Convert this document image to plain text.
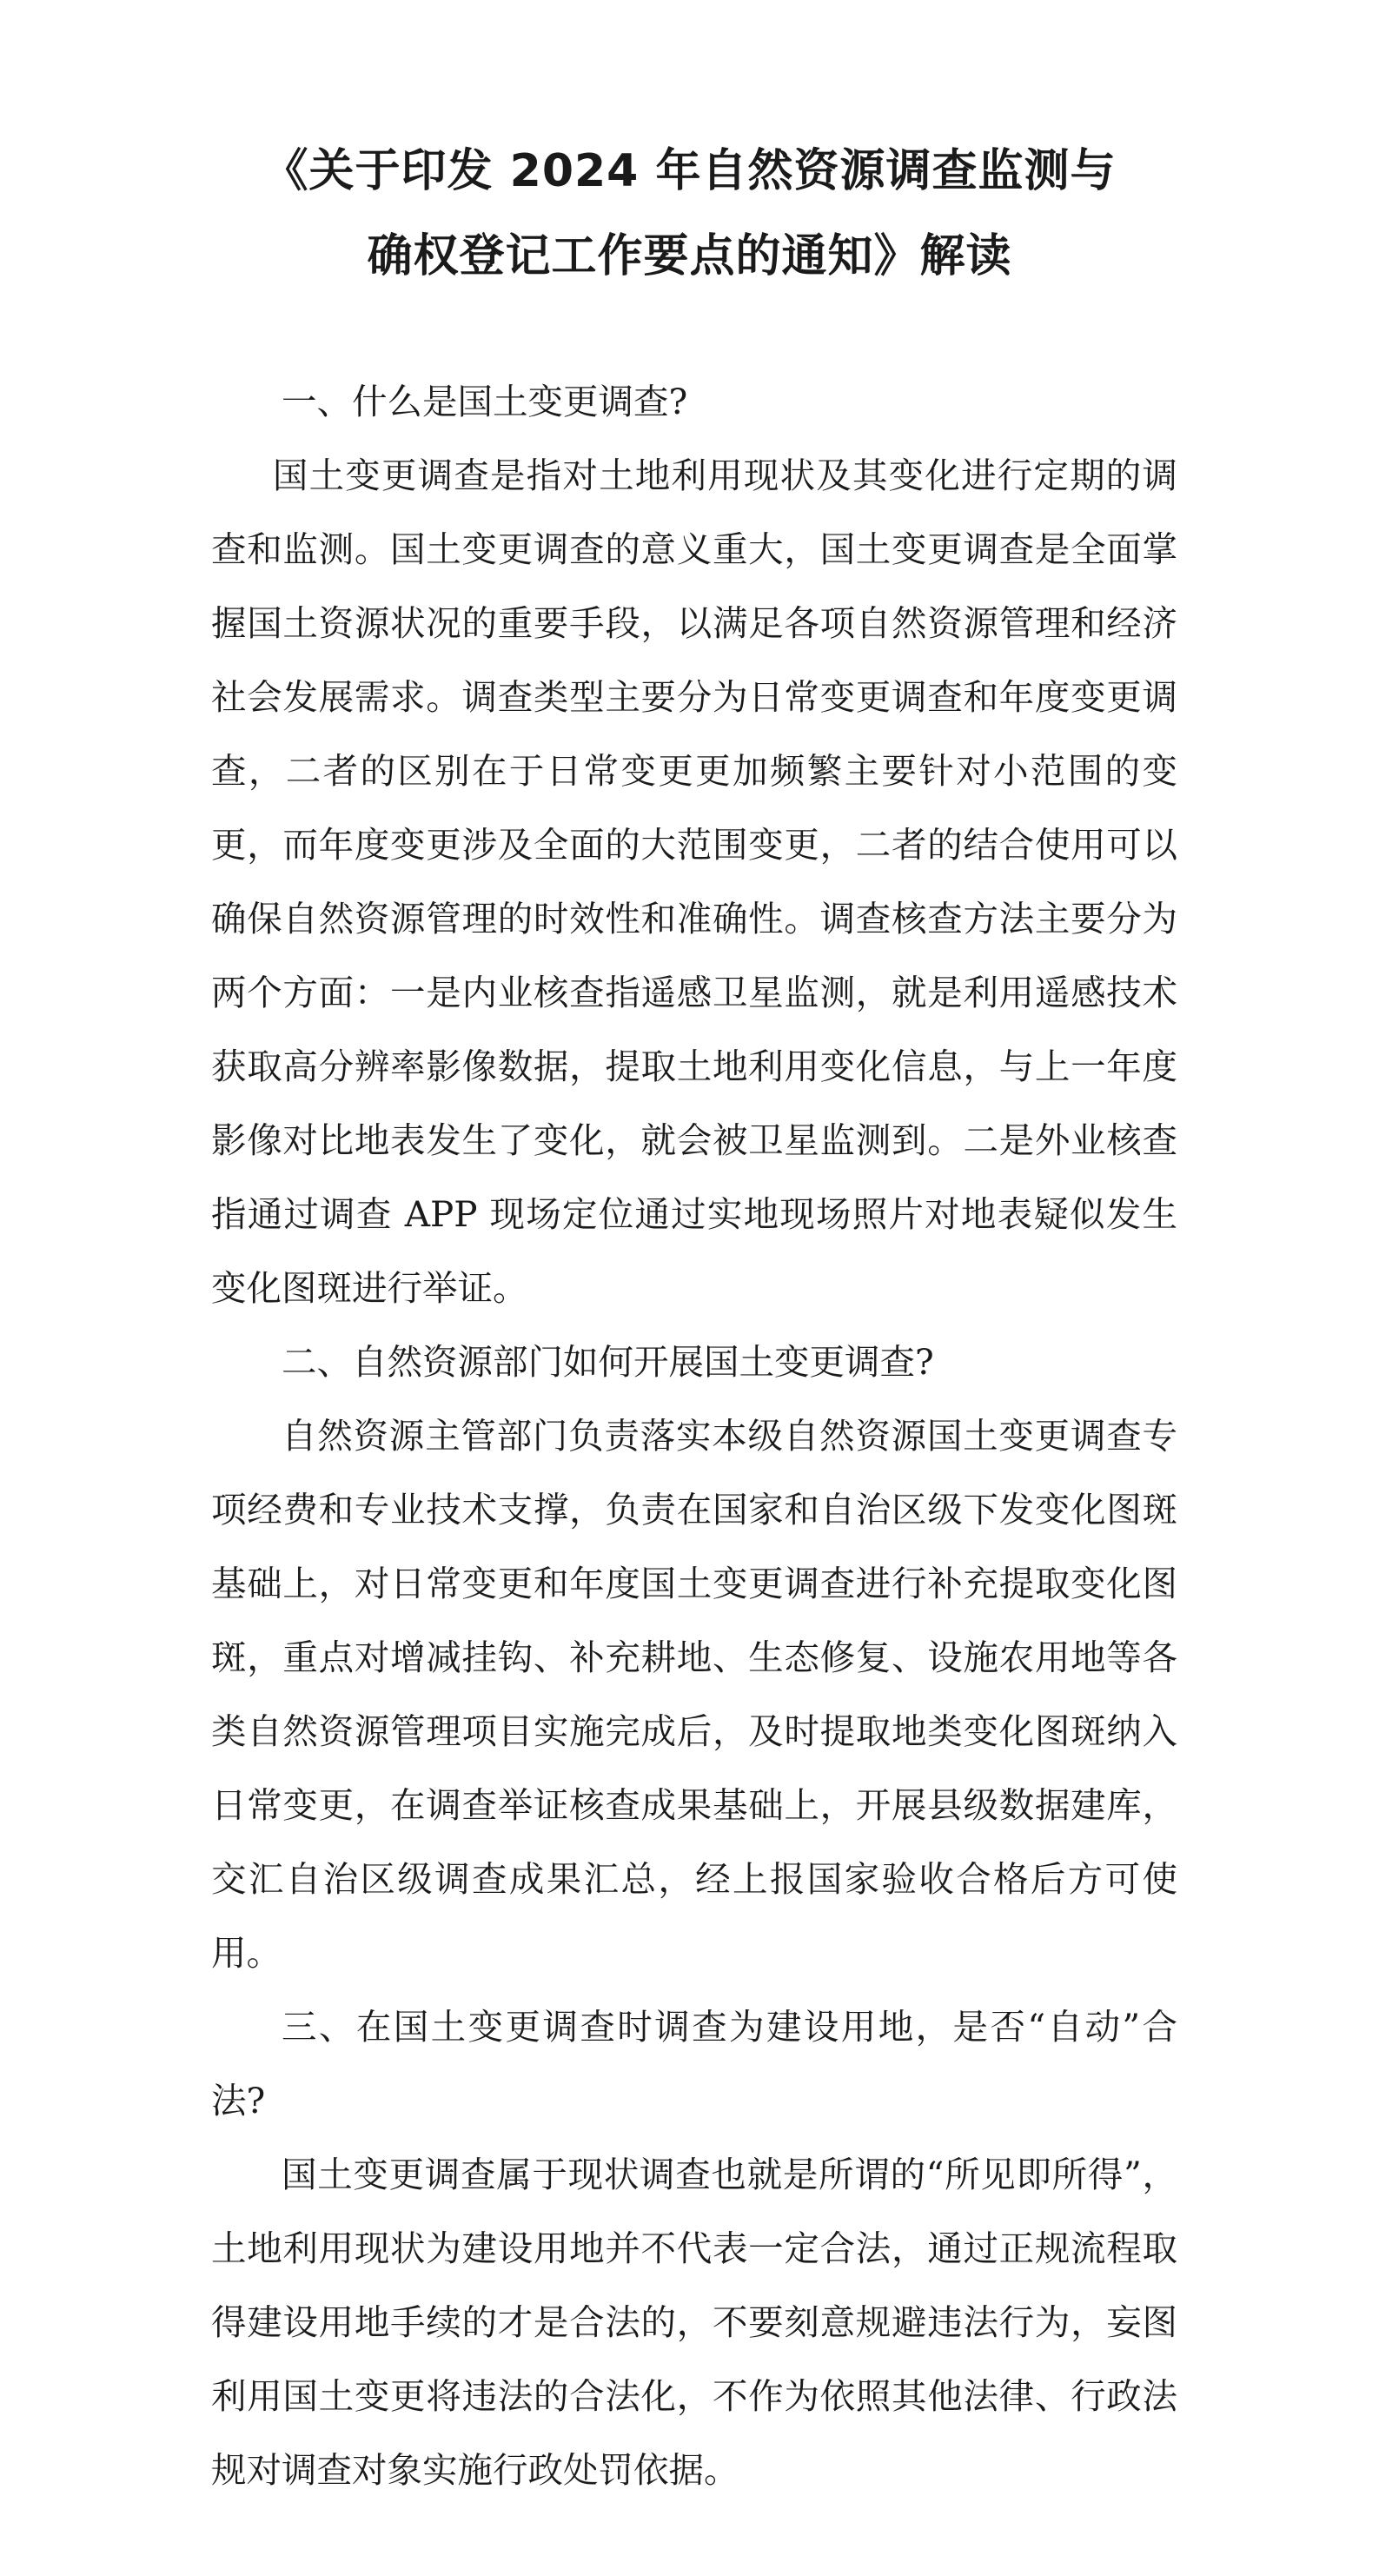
《关于印发 2024 年自然资源调查监测与
确权登记工作要点的通知》解读

一、什么是国土变更调查?

国土变更调查是指对土地利用现状及其变化进行定期的调查和监测。国土变更调查的意义重大，国土变更调查是全面掌握国土资源状况的重要手段，以满足各项自然资源管理和经济社会发展需求。调查类型主要分为日常变更调查和年度变更调查，二者的区别在于日常变更更加频繁主要针对小范围的变更，而年度变更涉及全面的大范围变更，二者的结合使用可以确保自然资源管理的时效性和准确性。调查核查方法主要分为两个方面：一是内业核查指遥感卫星监测，就是利用遥感技术获取高分辨率影像数据，提取土地利用变化信息，与上一年度影像对比地表发生了变化，就会被卫星监测到。二是外业核查指通过调查 APP 现场定位通过实地现场照片对地表疑似发生变化图斑进行举证。

二、自然资源部门如何开展国土变更调查?

自然资源主管部门负责落实本级自然资源国土变更调查专项经费和专业技术支撑，负责在国家和自治区级下发变化图斑基础上，对日常变更和年度国土变更调查进行补充提取变化图斑，重点对增减挂钩、补充耕地、生态修复、设施农用地等各类自然资源管理项目实施完成后，及时提取地类变化图斑纳入日常变更，在调查举证核查成果基础上，开展县级数据建库，交汇自治区级调查成果汇总，经上报国家验收合格后方可使用。

三、在国土变更调查时调查为建设用地，是否“自动”合法?

国土变更调查属于现状调查也就是所谓的“所见即所得”，土地利用现状为建设用地并不代表一定合法，通过正规流程取得建设用地手续的才是合法的，不要刻意规避违法行为，妄图利用国土变更将违法的合法化，不作为依照其他法律、行政法规对调查对象实施行政处罚依据。
